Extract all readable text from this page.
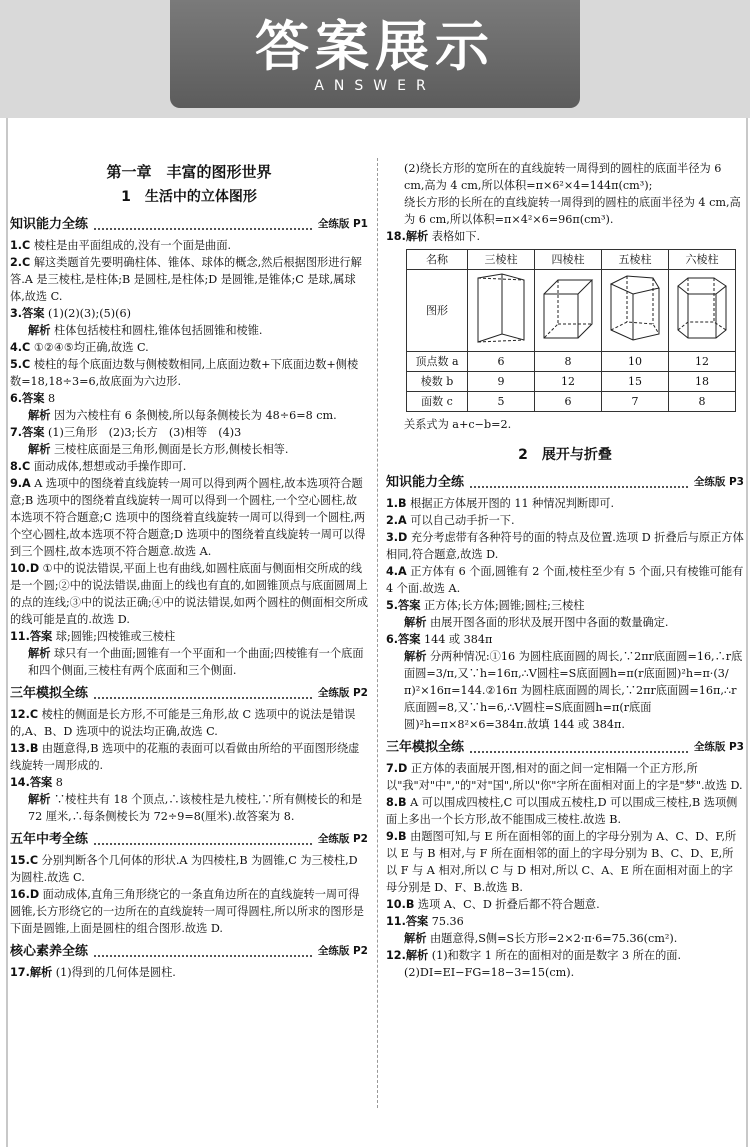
答案展示
ANSWER
第一章　丰富的图形世界
1　生活中的立体图形
知识能力全练	全练版 P1
1.C 棱柱是由平面组成的,没有一个面是曲面.
2.C 解这类题首先要明确柱体、锥体、球体的概念,然后根据图形进行解答.A 是三棱柱,是柱体;B 是圆柱,是柱体;D 是圆锥,是锥体;C 是球,属球体,故选 C.
3.答案 (1)(2)(3);(5)(6)
解析 柱体包括棱柱和圆柱,锥体包括圆锥和棱锥.
4.C ①②④⑤均正确,故选 C.
5.C 棱柱的每个底面边数与侧棱数相同,上底面边数+下底面边数+侧棱数=18,18÷3=6,故底面为六边形.
6.答案 8
解析 因为六棱柱有 6 条侧棱,所以每条侧棱长为 48÷6=8 cm.
7.答案 (1)三角形　(2)3;长方　(3)相等　(4)3
解析 三棱柱底面是三角形,侧面是长方形,侧棱长相等.
8.C 面动成体,想想或动手操作即可.
9.A A 选项中的图绕着直线旋转一周可以得到两个圆柱,故本选项符合题意;B 选项中的图绕着直线旋转一周可以得到一个圆柱,一个空心圆柱,故本选项不符合题意;C 选项中的图绕着直线旋转一周可以得到一个圆柱,两个空心圆柱,故本选项不符合题意;D 选项中的图绕着直线旋转一周可以得到三个圆柱,故本选项不符合题意.故选 A.
10.D ①中的说法错误,平面上也有曲线,如圆柱底面与侧面相交所成的线是一个圆;②中的说法错误,曲面上的线也有直的,如圆锥顶点与底面圆周上的点的连线;③中的说法正确;④中的说法错误,如两个圆柱的侧面相交所成的线可能是直的.故选 D.
11.答案 球;圆锥;四棱锥或三棱柱
解析 球只有一个曲面;圆锥有一个平面和一个曲面;四棱锥有一个底面和四个侧面,三棱柱有两个底面和三个侧面.
三年模拟全练	全练版 P2
12.C 棱柱的侧面是长方形,不可能是三角形,故 C 选项中的说法是错误的,A、B、D 选项中的说法均正确,故选 C.
13.B 由题意得,B 选项中的花瓶的表面可以看做由所给的平面图形绕虚线旋转一周形成的.
14.答案 8
解析 ∵棱柱共有 18 个顶点,∴该棱柱是九棱柱,∵所有侧棱长的和是 72 厘米,∴每条侧棱长为 72÷9=8(厘米).故答案为 8.
五年中考全练	全练版 P2
15.C 分别判断各个几何体的形状.A 为四棱柱,B 为圆锥,C 为三棱柱,D 为圆柱.故选 C.
16.D 面动成体,直角三角形绕它的一条直角边所在的直线旋转一周可得圆锥,长方形绕它的一边所在的直线旋转一周可得圆柱,所以所求的图形是下面是圆锥,上面是圆柱的组合图形.故选 D.
核心素养全练	全练版 P2
17.解析 (1)得到的几何体是圆柱.
(2)绕长方形的宽所在的直线旋转一周得到的圆柱的底面半径为 6 cm,高为 4 cm,所以体积=π×6²×4=144π(cm³);
绕长方形的长所在的直线旋转一周得到的圆柱的底面半径为 4 cm,高为 6 cm,所以体积=π×4²×6=96π(cm³).
18.解析 表格如下.
名称	三棱柱	四棱柱	五棱柱	六棱柱
图形				
顶点数 a	6	8	10	12
棱数 b	9	12	15	18
面数 c	5	6	7	8
关系式为 a+c−b=2.
2　展开与折叠
知识能力全练	全练版 P3
1.B 根据正方体展开图的 11 种情况判断即可.
2.A 可以自己动手折一下.
3.D 充分考虑带有各种符号的面的特点及位置.选项 D 折叠后与原正方体相同,符合题意,故选 D.
4.A 正方体有 6 个面,圆锥有 2 个面,棱柱至少有 5 个面,只有棱锥可能有 4 个面.故选 A.
5.答案 正方体;长方体;圆锥;圆柱;三棱柱
解析 由展开图各面的形状及展开图中各面的数量确定.
6.答案 144 或 384π
解析 分两种情况:①16 为圆柱底面圆的周长,∵2πr底面圆=16,∴r底面圆=3/π,又∵h=16π,∴V圆柱=S底面圆h=π(r底面圆)²h=π·(3/π)²×16π=144.②16π 为圆柱底面圆的周长,∵2πr底面圆=16π,∴r底面圆=8,又∵h=6,∴V圆柱=S底面圆h=π(r底面圆)²h=π×8²×6=384π.故填 144 或 384π.
三年模拟全练	全练版 P3
7.D 正方体的表面展开图,相对的面之间一定相隔一个正方形,所以"我"对"中","的"对"国",所以"你"字所在面相对面上的字是"梦".故选 D.
8.B A 可以围成四棱柱,C 可以围成五棱柱,D 可以围成三棱柱,B 选项侧面上多出一个长方形,故不能围成三棱柱.故选 B.
9.B 由题图可知,与 E 所在面相邻的面上的字母分别为 A、C、D、F,所以 E 与 B 相对,与 F 所在面相邻的面上的字母分别为 B、C、D、E,所以 F 与 A 相对,所以 C 与 D 相对,所以 C、A、E 所在面相对面上的字母分别是 D、F、B.故选 B.
10.B 选项 A、C、D 折叠后都不符合题意.
11.答案 75.36
解析 由题意得,S侧=S长方形=2×2·π·6=75.36(cm²).
12.解析 (1)和数字 1 所在的面相对的面是数字 3 所在的面.
(2)DI=EI−FG=18−3=15(cm).
